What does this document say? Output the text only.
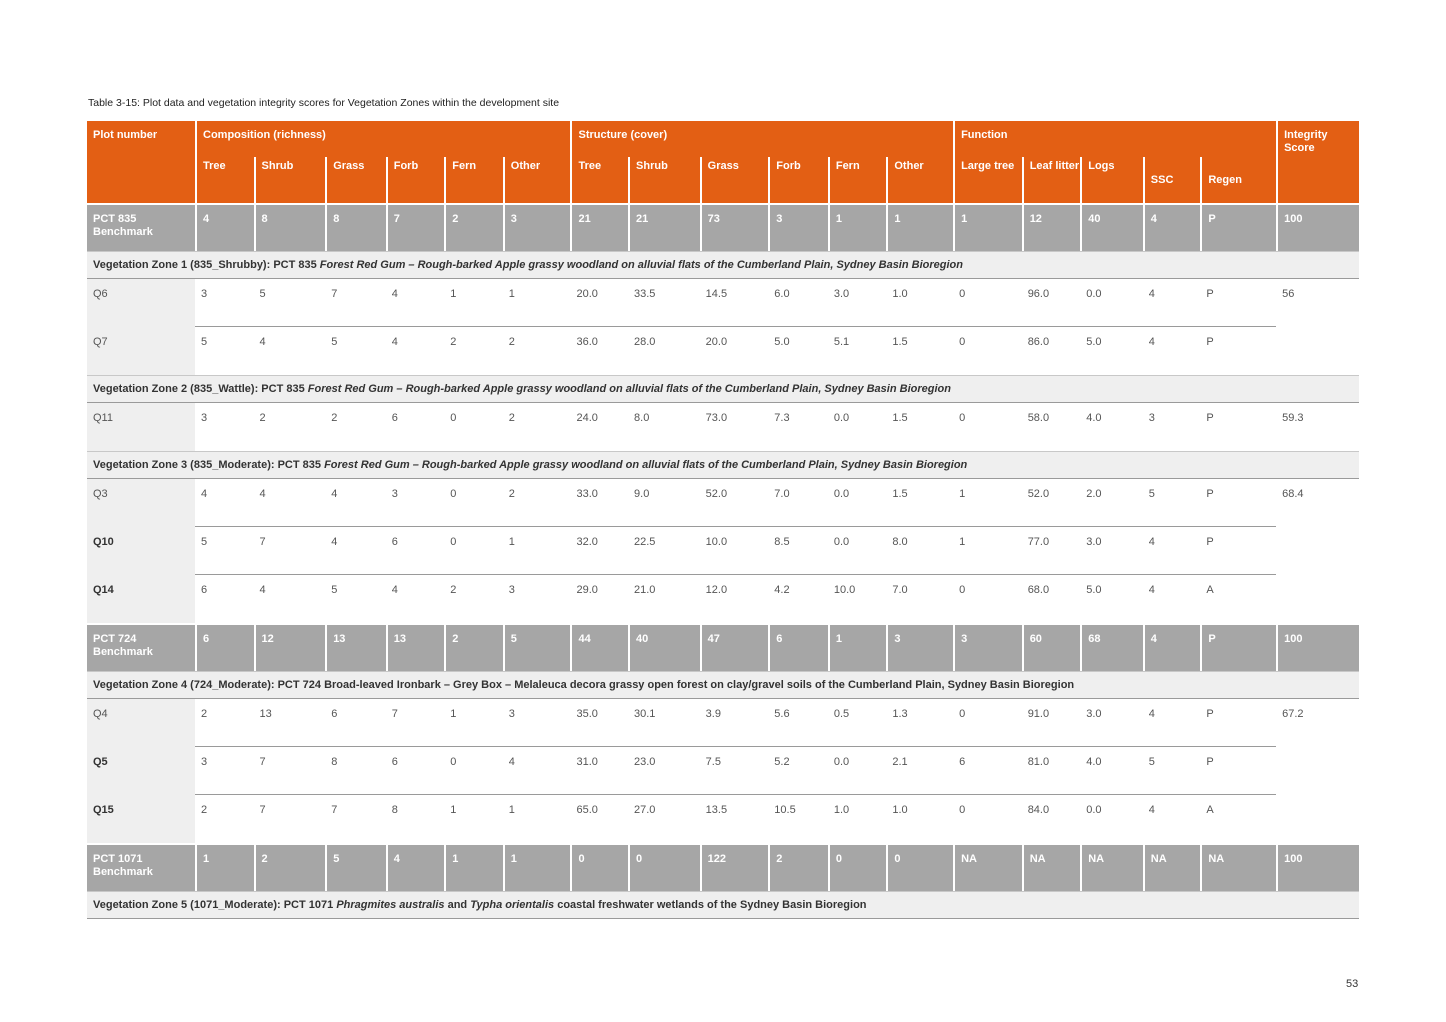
Table 3-15: Plot data and vegetation integrity scores for Vegetation Zones within the development site
Plot number	Composition (richness)						Structure (cover)						Function					Integrity
Score
	Tree	Shrub	Grass	Forb	Fern	Other	Tree	Shrub	Grass	Forb	Fern	Other	Large tree	Leaf litter	Logs	SSC	Regen	
PCT 835
Benchmark	4	8	8	7	2	3	21	21	73	3	1	1	1	12	40	4	P	100
Vegetation Zone 1 (835_Shrubby): PCT 835 Forest Red Gum – Rough-barked Apple grassy woodland on alluvial flats of the Cumberland Plain, Sydney Basin Bioregion																		
Q6	3	5	7	4	1	1	20.0	33.5	14.5	6.0	3.0	1.0	0	96.0	0.0	4	P	56
Q7	5	4	5	4	2	2	36.0	28.0	20.0	5.0	5.1	1.5	0	86.0	5.0	4	P	
Vegetation Zone 2 (835_Wattle): PCT 835 Forest Red Gum – Rough-barked Apple grassy woodland on alluvial flats of the Cumberland Plain, Sydney Basin Bioregion																		
Q11	3	2	2	6	0	2	24.0	8.0	73.0	7.3	0.0	1.5	0	58.0	4.0	3	P	59.3
Vegetation Zone 3 (835_Moderate): PCT 835 Forest Red Gum – Rough-barked Apple grassy woodland on alluvial flats of the Cumberland Plain, Sydney Basin Bioregion																		
Q3	4	4	4	3	0	2	33.0	9.0	52.0	7.0	0.0	1.5	1	52.0	2.0	5	P	68.4
Q10	5	7	4	6	0	1	32.0	22.5	10.0	8.5	0.0	8.0	1	77.0	3.0	4	P	
Q14	6	4	5	4	2	3	29.0	21.0	12.0	4.2	10.0	7.0	0	68.0	5.0	4	A	
PCT 724
Benchmark	6	12	13	13	2	5	44	40	47	6	1	3	3	60	68	4	P	100
Vegetation Zone 4 (724_Moderate): PCT 724 Broad-leaved Ironbark – Grey Box – Melaleuca decora grassy open forest on clay/gravel soils of the Cumberland Plain, Sydney Basin Bioregion																		
Q4	2	13	6	7	1	3	35.0	30.1	3.9	5.6	0.5	1.3	0	91.0	3.0	4	P	67.2
Q5	3	7	8	6	0	4	31.0	23.0	7.5	5.2	0.0	2.1	6	81.0	4.0	5	P	
Q15	2	7	7	8	1	1	65.0	27.0	13.5	10.5	1.0	1.0	0	84.0	0.0	4	A	
PCT 1071
Benchmark	1	2	5	4	1	1	0	0	122	2	0	0	NA	NA	NA	NA	NA	100
Vegetation Zone 5 (1071_Moderate): PCT 1071 Phragmites australis and Typha orientalis coastal freshwater wetlands of the Sydney Basin Bioregion																		
53
